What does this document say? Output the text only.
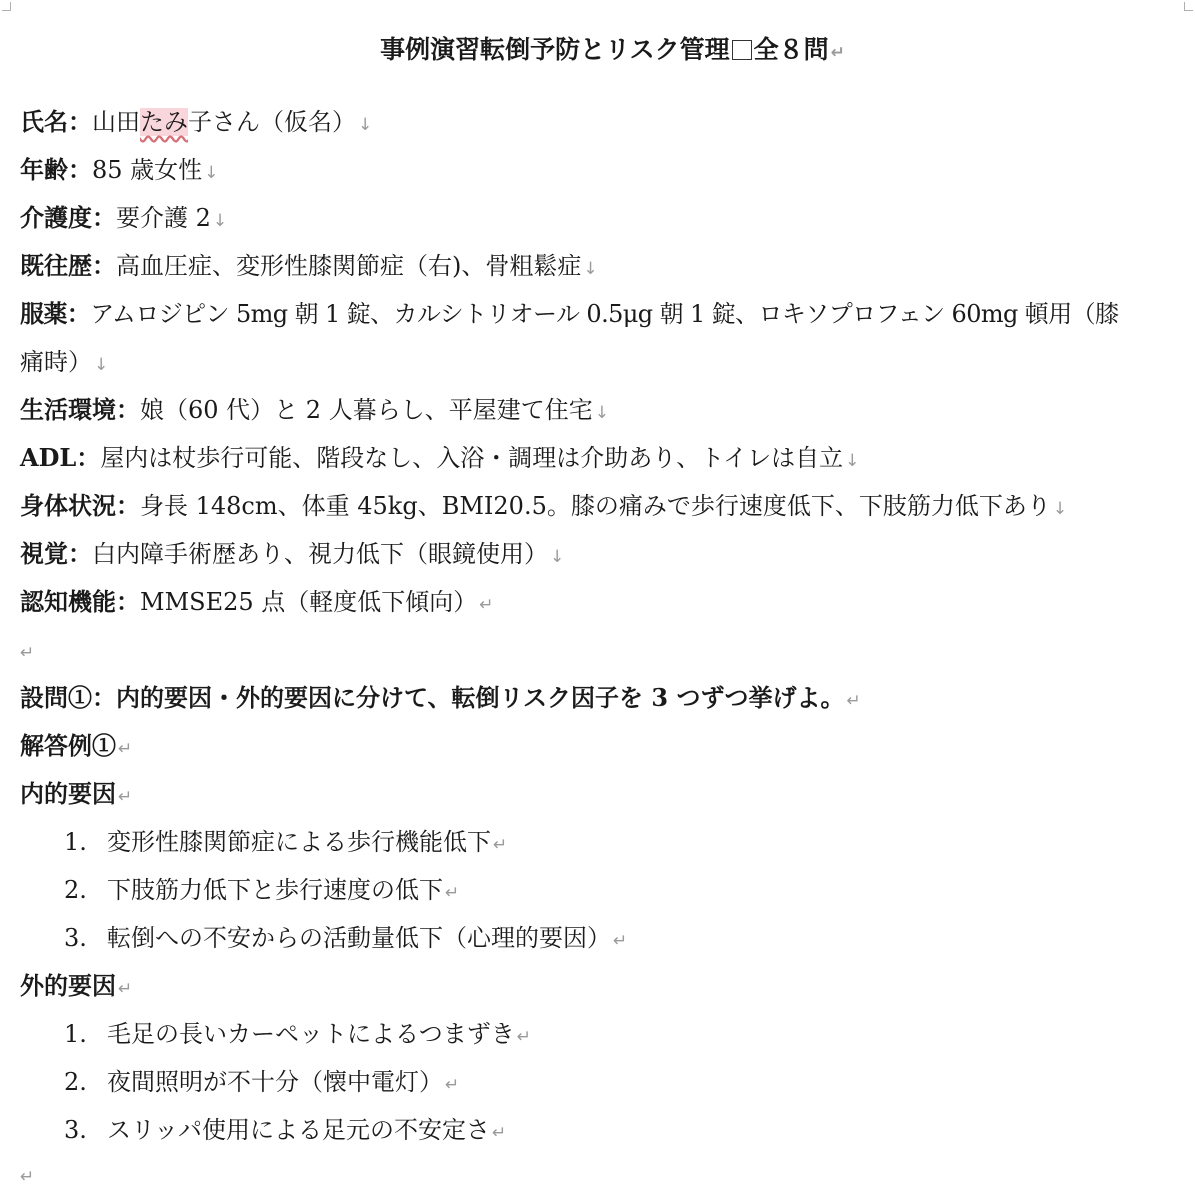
事例演習転倒予防とリスク管理 全８問 ↵
氏名：山田たみ子さん（仮名） ↓
年齢：85 歳女性 ↓
介護度：要介護 2 ↓
既往歴：高血圧症、変形性膝関節症（右)、骨粗鬆症 ↓
服薬：アムロジピン 5mg 朝 1 錠、カルシトリオール 0.5μg 朝 1 錠、ロキソプロフェン 60mg 頓用（膝
痛時） ↓
生活環境：娘（60 代）と 2 人暮らし、平屋建て住宅 ↓
ADL：屋内は杖歩行可能、階段なし、入浴・調理は介助あり、トイレは自立 ↓
身体状況：身長 148cm、体重 45kg、BMI20.5。膝の痛みで歩行速度低下、下肢筋力低下あり ↓
視覚：白内障手術歴あり、視力低下（眼鏡使用） ↓
認知機能：MMSE25 点（軽度低下傾向） ↵
↵
設問①：内的要因・外的要因に分けて、転倒リスク因子を 3 つずつ挙げよ。 ↵
解答例① ↵
内的要因 ↵
1. 変形性膝関節症による歩行機能低下 ↵
2. 下肢筋力低下と歩行速度の低下 ↵
3. 転倒への不安からの活動量低下（心理的要因） ↵
外的要因 ↵
1. 毛足の長いカーペットによるつまずき ↵
2. 夜間照明が不十分（懐中電灯） ↵
3. スリッパ使用による足元の不安定さ ↵
↵
